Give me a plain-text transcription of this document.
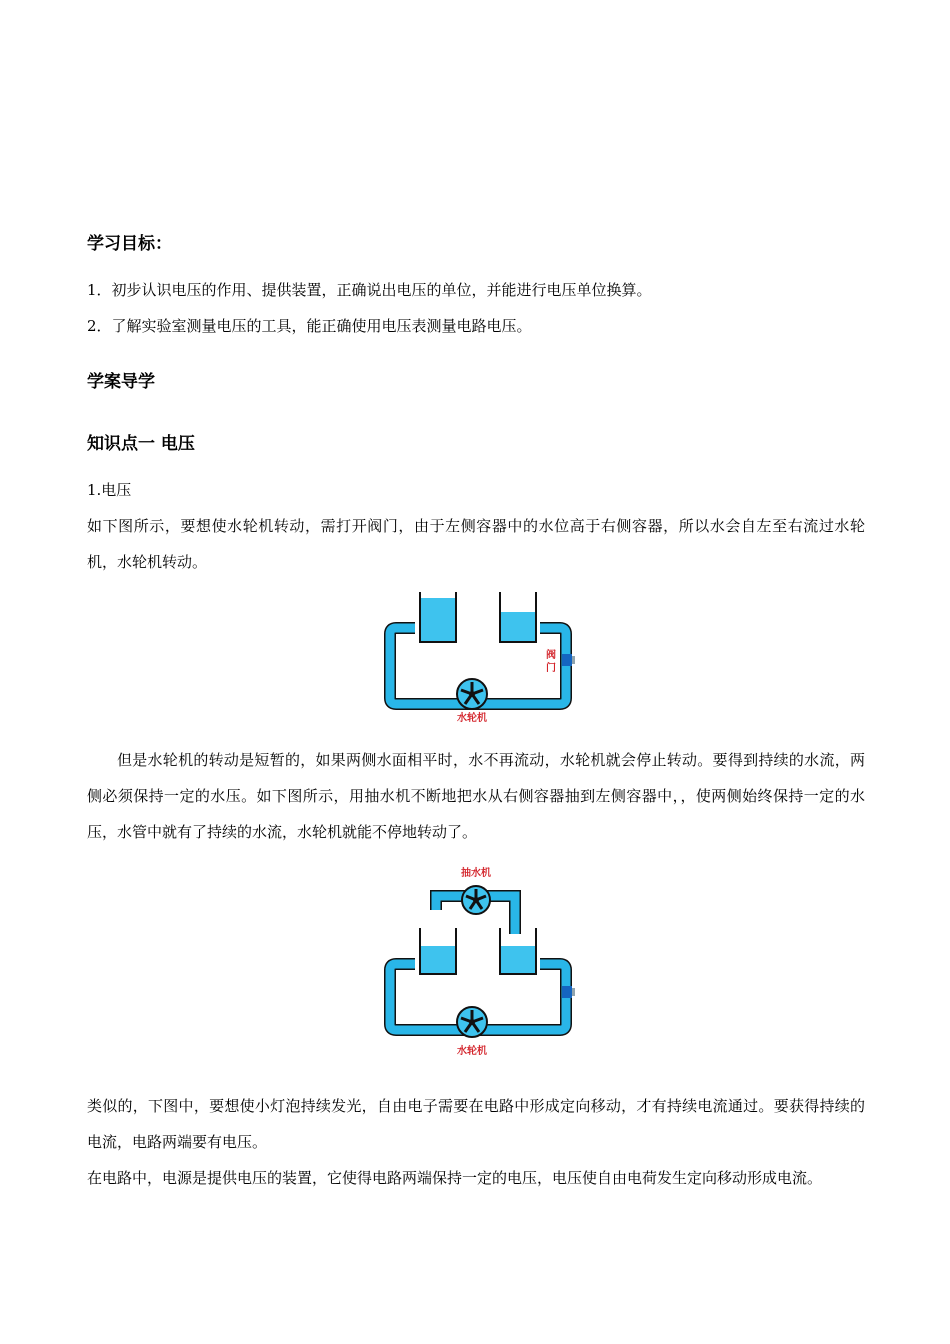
学习目标：

1．初步认识电压的作用、提供装置，正确说出电压的单位，并能进行电压单位换算。

2．了解实验室测量电压的工具，能正确使用电压表测量电路电压。

学案导学
知识点一 电压

1.电压

如下图所示，要想使水轮机转动，需打开阀门，由于左侧容器中的水位高于右侧容器，所以水会自左至右流过水轮机，水轮机转动。

阀
门
水轮机

但是水轮机的转动是短暂的，如果两侧水面相平时，水不再流动，水轮机就会停止转动。要得到持续的水流，两侧必须保持一定的水压。如下图所示，用抽水机不断地把水从右侧容器抽到左侧容器中，，使两侧始终保持一定的水压，水管中就有了持续的水流，水轮机就能不停地转动了。

抽水机
水轮机

类似的，下图中，要想使小灯泡持续发光，自由电子需要在电路中形成定向移动，才有持续电流通过。要获得持续的电流，电路两端要有电压。

在电路中，电源是提供电压的装置，它使得电路两端保持一定的电压，电压使自由电荷发生定向移动形成电流。
